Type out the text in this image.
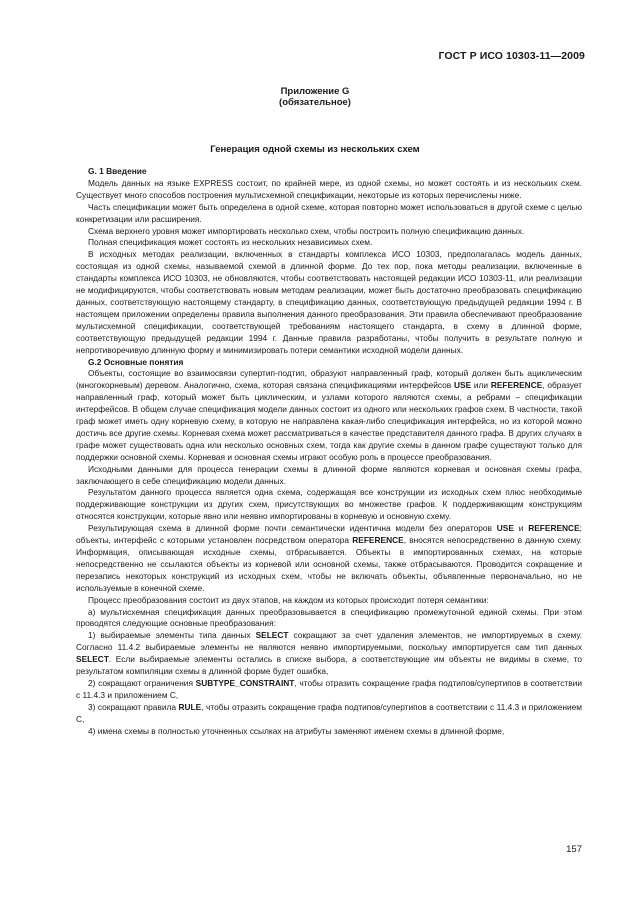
ГОСТ Р ИСО 10303-11—2009
Приложение G
(обязательное)
Генерация одной схемы из нескольких схем
G. 1 Введение

Модель данных на языке EXPRESS состоит, по крайней мере, из одной схемы, но может состоять и из нескольких схем. Существует много способов построения мультисхемной спецификации, некоторые из которых перечислены ниже.

Часть спецификации может быть определена в одной схеме, которая повторно может использоваться в другой схеме с целью конкретизации или расширения.

Схема верхнего уровня может импортировать несколько схем, чтобы построить полную спецификацию данных.

Полная спецификация может состоять из нескольких независимых схем.

В исходных методах реализации, включенных в стандарты комплекса ИСО 10303, предполагалась модель данных, состоящая из одной схемы, называемой схемой в длинной форме. До тех пор, пока методы реализации, включенные в стандарты комплекса ИСО 10303, не обновляются, чтобы соответствовать настоящей редакции ИСО 10303-11, или реализации не модифицируются, чтобы соответствовать новым методам реализации, может быть достаточно преобразовать спецификацию данных, соответствующую настоящему стандарту, в спецификацию данных, соответствующую предыдущей редакции 1994 г. В настоящем приложении определены правила выполнения данного преобразования. Эти правила обеспечивают преобразование мультисхемной спецификации, соответствующей требованиям настоящего стандарта, в схему в длинной форме, соответствующую предыдущей редакции 1994 г. Данные правила разработаны, чтобы получить в результате полную и непротиворечивую длинную форму и минимизировать потери семантики исходной модели данных.

G.2 Основные понятия

Объекты, состоящие во взаимосвязи супертип-подтип, образуют направленный граф, который должен быть ацикличеcким (многокорневым) деревом. Аналогично, схема, которая связана спецификациями интерфейсов USE или REFERENCE, образует направленный граф, который может быть циклическим, и узлами которого являются схемы, а ребрами – спецификации интерфейсов. В общем случае спецификация модели данных состоит из одного или нескольких графов схем. В частности, такой граф может иметь одну корневую схему, в которую не направлена какая-либо спецификация интерфейса, но из которой можно достичь все другие схемы. Корневая схема может рассматриваться в качестве представителя данного графа. В других случаях в графе может существовать одна или несколько основных схем, тогда как другие схемы в данном графе существуют только для поддержки основной схемы. Корневая и основная схемы играют особую роль в процессе преобразования.

Исходными данными для процесса генерации схемы в длинной форме являются корневая и основная схемы графа, заключающего в себе спецификацию модели данных.

Результатом данного процесса является одна схема, содержащая все конструкции из исходных схем плюс необходимые поддерживающие конструкции из других схем, присутствующих во множестве графов. К поддерживающим конструкциям относятся конструкции, которые явно или неявно импортированы в корневую и основную схему.

Результирующая схема в длинной форме почти семантически идентична модели без операторов USE и REFERENCE; объекты, интерфейс с которыми установлен посредством оператора REFERENCE, вносятся непосредственно в данную схему. Информация, описывающая исходные схемы, отбрасывается. Объекты в импортированных схемах, на которые непосредственно не ссылаются объекты из корневой или основной схемы, также отбрасываются. Проводится сокращение и перезапись некоторых конструкций из исходных схем, чтобы не включать объекты, объявленные первоначально, но не используемые в конечной схеме.

Процесс преобразования состоит из двух этапов, на каждом из которых происходит потеря семантики:

а) мультисхемная спецификация данных преобразовывается в спецификацию промежуточной единой схемы. При этом проводятся следующие основные преобразования:

1) выбираемые элементы типа данных SELECT сокращают за счет удаления элементов, не импортируемых в схему. Согласно 11.4.2 выбираемые элементы не являются неявно импортируемыми, поскольку импортируется сам тип данных SELECT. Если выбираемые элементы остались в списке выбора, а соответствующие им объекты не видимы в схеме, то результатом компиляции схемы в длинной форме будет ошибка,

2) сокращают ограничения SUBTYPE_CONSTRAINT, чтобы отразить сокращение графа подтипов/супертипов в соответствии с 11.4.3 и приложением С,

3) сокращают правила RULE, чтобы отразить сокращение графа подтипов/супертипов в соответствии с 11.4.3 и приложением С,

4) имена схемы в полностью уточненных ссылках на атрибуты заменяют именем схемы в длинной форме,

157
